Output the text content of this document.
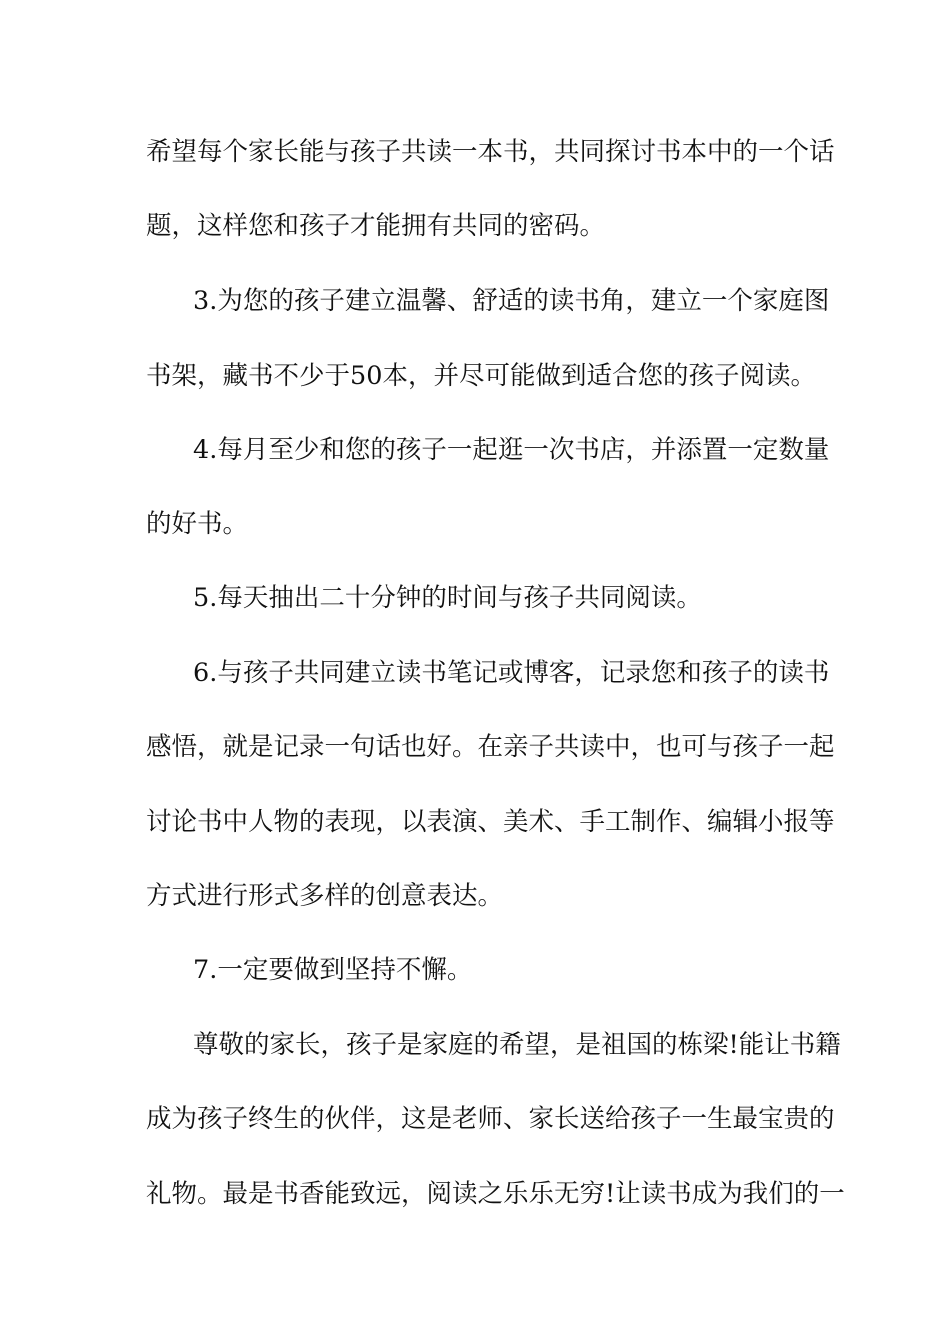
希望每个家长能与孩子共读一本书，共同探讨书本中的一个话
题，这样您和孩子才能拥有共同的密码。
3.为您的孩子建立温馨、舒适的读书角，建立一个家庭图
书架，藏书不少于50本，并尽可能做到适合您的孩子阅读。
4.每月至少和您的孩子一起逛一次书店，并添置一定数量
的好书。
5.每天抽出二十分钟的时间与孩子共同阅读。
6.与孩子共同建立读书笔记或博客，记录您和孩子的读书
感悟，就是记录一句话也好。在亲子共读中，也可与孩子一起
讨论书中人物的表现，以表演、美术、手工制作、编辑小报等
方式进行形式多样的创意表达。
7.一定要做到坚持不懈。
尊敬的家长，孩子是家庭的希望，是祖国的栋梁!能让书籍
成为孩子终生的伙伴，这是老师、家长送给孩子一生最宝贵的
礼物。最是书香能致远，阅读之乐乐无穷!让读书成为我们的一
